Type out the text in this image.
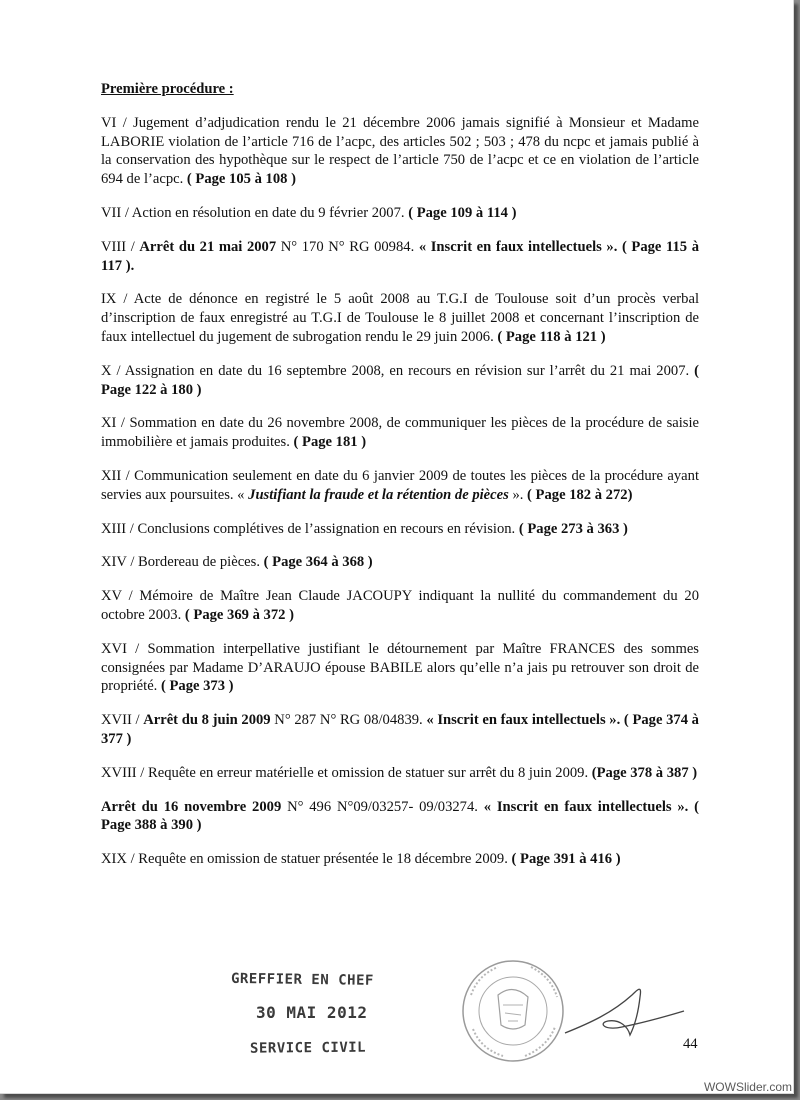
Première procédure :

VI / Jugement d’adjudication rendu le 21 décembre 2006 jamais signifié à Monsieur et Madame LABORIE violation de l’article 716 de l’acpc, des articles 502 ; 503 ; 478 du ncpc et jamais publié à la conservation des hypothèque sur le respect de l’article 750 de l’acpc et ce en violation de l’article 694 de l’acpc. ( Page 105 à 108 )

VII / Action en résolution en date du 9 février 2007. ( Page 109 à 114 )

VIII / Arrêt du 21 mai 2007 N° 170 N° RG 00984. « Inscrit en faux intellectuels ». ( Page 115 à 117 ).

IX / Acte de dénonce en registré le 5 août 2008 au T.G.I de Toulouse soit d’un procès verbal d’inscription de faux enregistré au T.G.I de Toulouse le 8 juillet 2008 et concernant l’inscription de faux intellectuel du jugement de subrogation rendu le 29 juin 2006. ( Page 118 à 121 )

X / Assignation en date du 16 septembre 2008, en recours en révision sur l’arrêt du 21 mai 2007. ( Page 122 à 180 )

XI / Sommation en date du 26 novembre 2008, de communiquer les pièces de la procédure de saisie immobilière et jamais produites. ( Page 181 )

XII / Communication seulement en date du 6 janvier 2009 de toutes les pièces de la procédure ayant servies aux poursuites. « Justifiant la fraude et la rétention de pièces ». ( Page 182 à 272)

XIII / Conclusions complétives de l’assignation en recours en révision. ( Page 273 à 363 )

XIV / Bordereau de pièces. ( Page 364 à 368 )

XV / Mémoire de Maître Jean Claude JACOUPY indiquant la nullité du commandement du 20 octobre 2003. ( Page 369 à 372 )

XVI / Sommation interpellative justifiant le détournement par Maître FRANCES des sommes consignées par Madame D’ARAUJO épouse BABILE alors qu’elle n’a jais pu retrouver son droit de propriété. ( Page 373 )

XVII / Arrêt du 8 juin 2009 N° 287 N° RG 08/04839. « Inscrit en faux intellectuels ». ( Page 374 à 377 )

XVIII / Requête en erreur matérielle et omission de statuer sur arrêt du 8 juin 2009. (Page 378 à 387 )

Arrêt du 16 novembre 2009 N° 496 N°09/03257- 09/03274. « Inscrit en faux intellectuels ». ( Page 388 à 390 )

XIX / Requête en omission de statuer présentée le 18 décembre 2009. ( Page 391 à 416 )

GREFFIER EN CHEF
30 MAI 2012
SERVICE CIVIL	44
WOWSlider.com
